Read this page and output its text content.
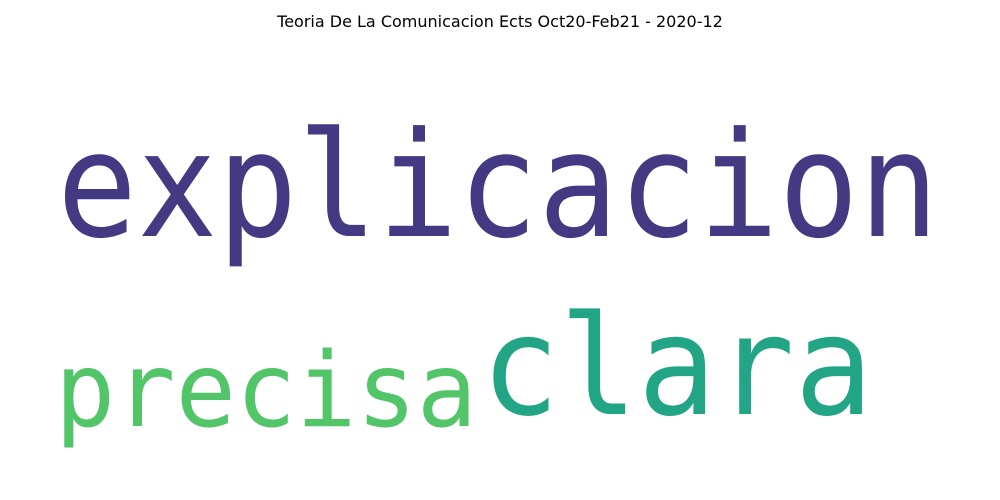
Teoria De La Comunicacion Ects Oct20-Feb21 - 2020-12
explicacion
clara
precisa
